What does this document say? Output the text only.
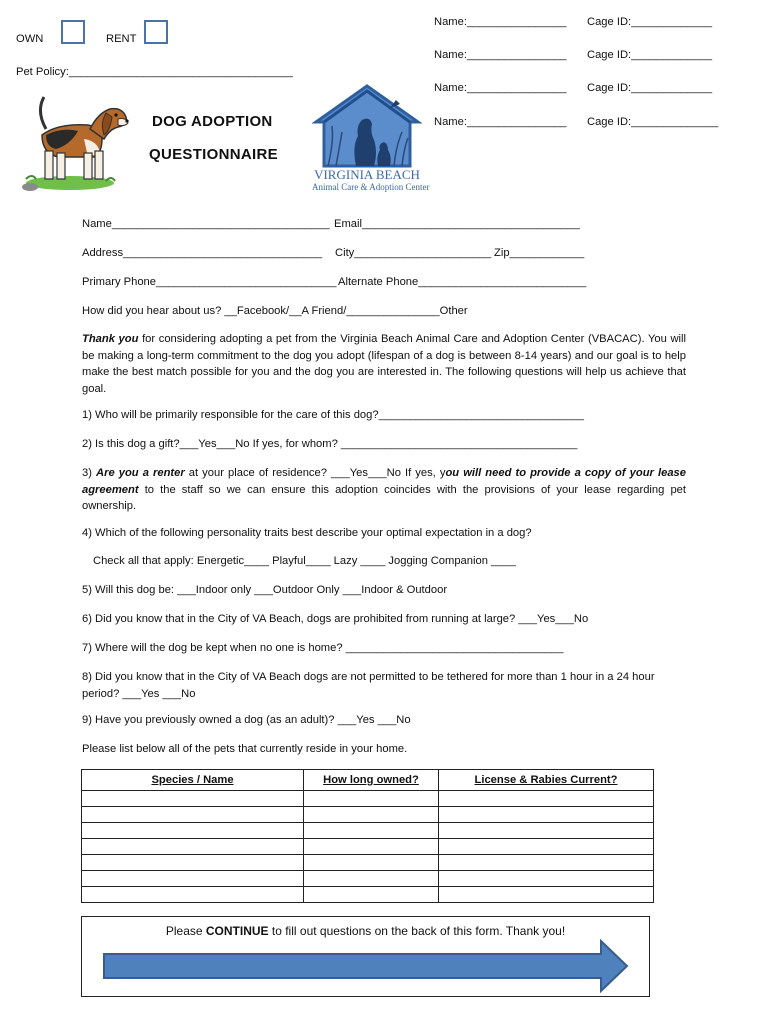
OWN	RENT
Pet Policy:____________________________________
Name:________________ Cage ID:_____________
Name:________________ Cage ID:_____________
Name:________________ Cage ID:_____________
Name:________________ Cage ID:______________
DOG ADOPTION
QUESTIONNAIRE
VIRGINIA BEACH
Animal Care & Adoption Center
Name___________________________________ Email___________________________________
Address________________________________ City______________________ Zip____________
Primary Phone_____________________________ Alternate Phone___________________________
How did you hear about us? __Facebook/__A Friend/_______________Other
Thank you for considering adopting a pet from the Virginia Beach Animal Care and Adoption Center (VBACAC). You will be making a long-term commitment to the dog you adopt (lifespan of a dog is between 8-14 years) and our goal is to help make the best match possible for you and the dog you are interested in. The following questions will help us achieve that goal.
1) Who will be primarily responsible for the care of this dog?_________________________________
2) Is this dog a gift?___Yes___No If yes, for whom? ______________________________________
3) Are you a renter at your place of residence? ___Yes___No If yes, you will need to provide a copy of your lease agreement to the staff so we can ensure this adoption coincides with the provisions of your lease regarding pet ownership.
4) Which of the following personality traits best describe your optimal expectation in a dog?
Check all that apply: Energetic____ Playful____ Lazy ____ Jogging Companion ____
5) Will this dog be: ___Indoor only ___Outdoor Only ___Indoor & Outdoor
6) Did you know that in the City of VA Beach, dogs are prohibited from running at large? ___Yes___No
7) Where will the dog be kept when no one is home? ___________________________________
8) Did you know that in the City of VA Beach dogs are not permitted to be tethered for more than 1 hour in a 24 hour period? ___Yes ___No
9) Have you previously owned a dog (as an adult)? ___Yes ___No
Please list below all of the pets that currently reside in your home.
Species / Name	How long owned?	License & Rabies Current?

Please CONTINUE to fill out questions on the back of this form. Thank you!
